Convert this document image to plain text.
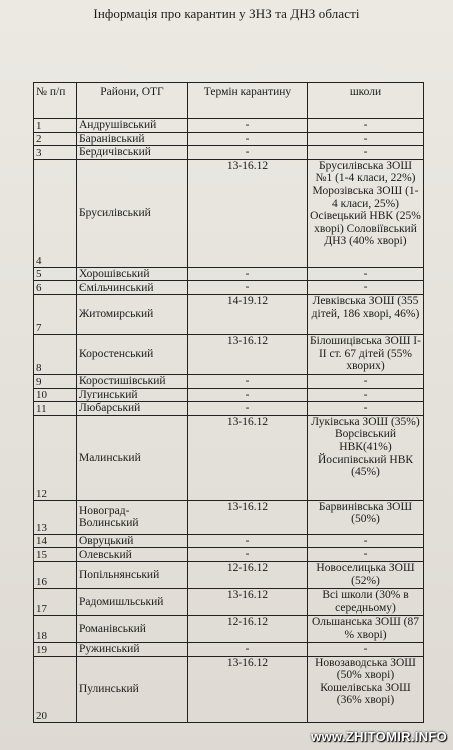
Інформація про карантин у ЗНЗ та ДНЗ області
№ п/п	Райони, ОТГ	Термін карантину	школи
1	Андрушівський	-	-
2	Баранівський	-	-
3	Бердичівський	-	-
4	Брусилівський	13-16.12	Брусилівська ЗОШ №1 (1-4 класи, 22%) Морозівська ЗОШ (1-4 класи, 25%) Осівецький НВК (25% хворі) Соловіївський ДНЗ (40% хворі)
5	Хорошівський	-	-
6	Ємільчинський	-	-
7	Житомирський	14-19.12	Левківська ЗОШ (355 дітей, 186 хворі, 46%)
8	Коростенський	13-16.12	Білошицівська ЗОШ І-ІІ ст. 67 дітей (55% хворих)
9	Коростишівський	-	-
10	Лугинський	-	-
11	Любарський	-	-
12	Малинський	13-16.12	Луківська ЗОШ (35%) Ворсівський НВК(41%) Йосипівський НВК (45%)
13	Новоград-Волинський	13-16.12	Барвинівська ЗОШ (50%)
14	Овруцький	-	-
15	Олевський	-	-
16	Попільнянський	12-16.12	Новоселицька ЗОШ (52%)
17	Радомишльський	13-16.12	Всі школи (30% в середньому)
18	Романівський	12-16.12	Ольшанська ЗОШ (87 % хворі)
19	Ружинський	-	-
20	Пулинський	13-16.12	Новозаводська ЗОШ (50% хворі) Кошелівська ЗОШ (36% хворі)
www.ZHITOMIR.INFO
